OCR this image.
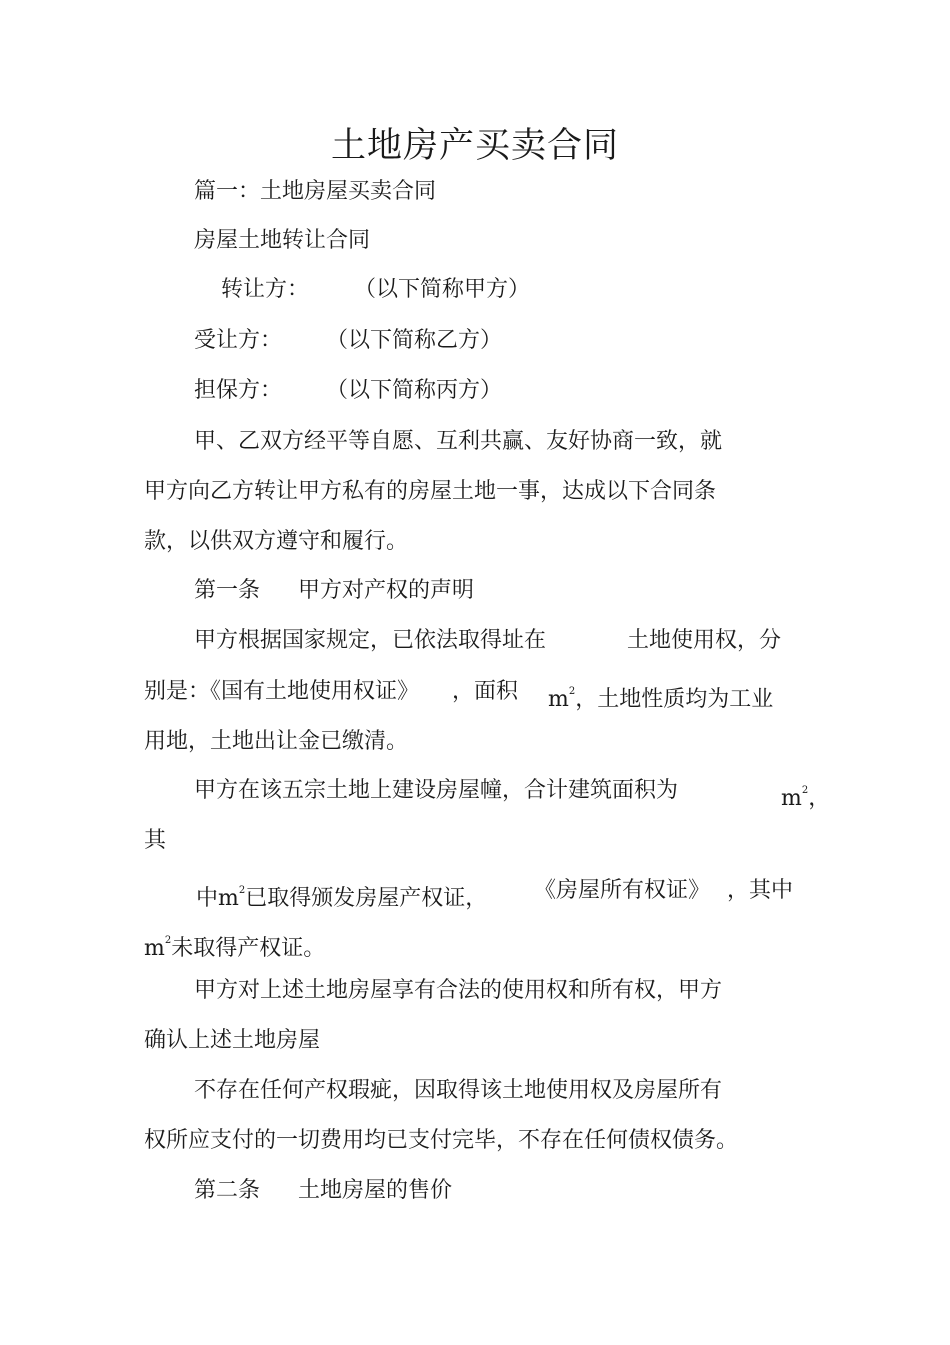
土地房产买卖合同
篇一：土地房屋买卖合同
房屋土地转让合同
转让方： （以下简称甲方）
受让方： （以下简称乙方）
担保方： （以下简称丙方）
甲、乙双方经平等自愿、互利共赢、友好协商一致，就
甲方向乙方转让甲方私有的房屋土地一事，达成以下合同条
款，以供双方遵守和履行。
第一条 甲方对产权的声明
甲方根据国家规定，已依法取得址在	土地使用权，分
别是：《国有土地使用权证》 ，面积 $m^2$，土地性质均为工业
用地，土地出让金已缴清。
甲方在该五宗土地上建设房屋幢，合计建筑面积为	$m^2$，
其
中$m^2$已取得颁发房屋产权证， 《房屋所有权证》 ，其中
$m^2$未取得产权证。
甲方对上述土地房屋享有合法的使用权和所有权，甲方
确认上述土地房屋
不存在任何产权瑕疵，因取得该土地使用权及房屋所有
权所应支付的一切费用均已支付完毕，不存在任何债权债务。
第二条 土地房屋的售价
